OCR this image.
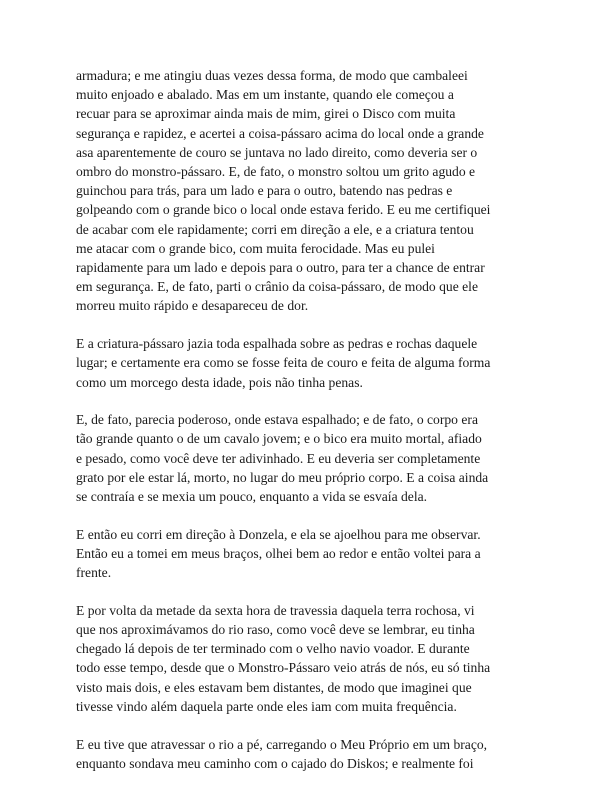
armadura; e me atingiu duas vezes dessa forma, de modo que cambaleei
muito enjoado e abalado. Mas em um instante, quando ele começou a
recuar para se aproximar ainda mais de mim, girei o Disco com muita
segurança e rapidez, e acertei a coisa-pássaro acima do local onde a grande
asa aparentemente de couro se juntava no lado direito, como deveria ser o
ombro do monstro-pássaro. E, de fato, o monstro soltou um grito agudo e
guinchou para trás, para um lado e para o outro, batendo nas pedras e
golpeando com o grande bico o local onde estava ferido. E eu me certifiquei
de acabar com ele rapidamente; corri em direção a ele, e a criatura tentou
me atacar com o grande bico, com muita ferocidade. Mas eu pulei
rapidamente para um lado e depois para o outro, para ter a chance de entrar
em segurança. E, de fato, parti o crânio da coisa-pássaro, de modo que ele
morreu muito rápido e desapareceu de dor.

E a criatura-pássaro jazia toda espalhada sobre as pedras e rochas daquele
lugar; e certamente era como se fosse feita de couro e feita de alguma forma
como um morcego desta idade, pois não tinha penas.

E, de fato, parecia poderoso, onde estava espalhado; e de fato, o corpo era
tão grande quanto o de um cavalo jovem; e o bico era muito mortal, afiado
e pesado, como você deve ter adivinhado. E eu deveria ser completamente
grato por ele estar lá, morto, no lugar do meu próprio corpo. E a coisa ainda
se contraía e se mexia um pouco, enquanto a vida se esvaía dela.

E então eu corri em direção à Donzela, e ela se ajoelhou para me observar.
Então eu a tomei em meus braços, olhei bem ao redor e então voltei para a
frente.

E por volta da metade da sexta hora de travessia daquela terra rochosa, vi
que nos aproximávamos do rio raso, como você deve se lembrar, eu tinha
chegado lá depois de ter terminado com o velho navio voador. E durante
todo esse tempo, desde que o Monstro-Pássaro veio atrás de nós, eu só tinha
visto mais dois, e eles estavam bem distantes, de modo que imaginei que
tivesse vindo além daquela parte onde eles iam com muita frequência.

E eu tive que atravessar o rio a pé, carregando o Meu Próprio em um braço,
enquanto sondava meu caminho com o cajado do Diskos; e realmente foi
